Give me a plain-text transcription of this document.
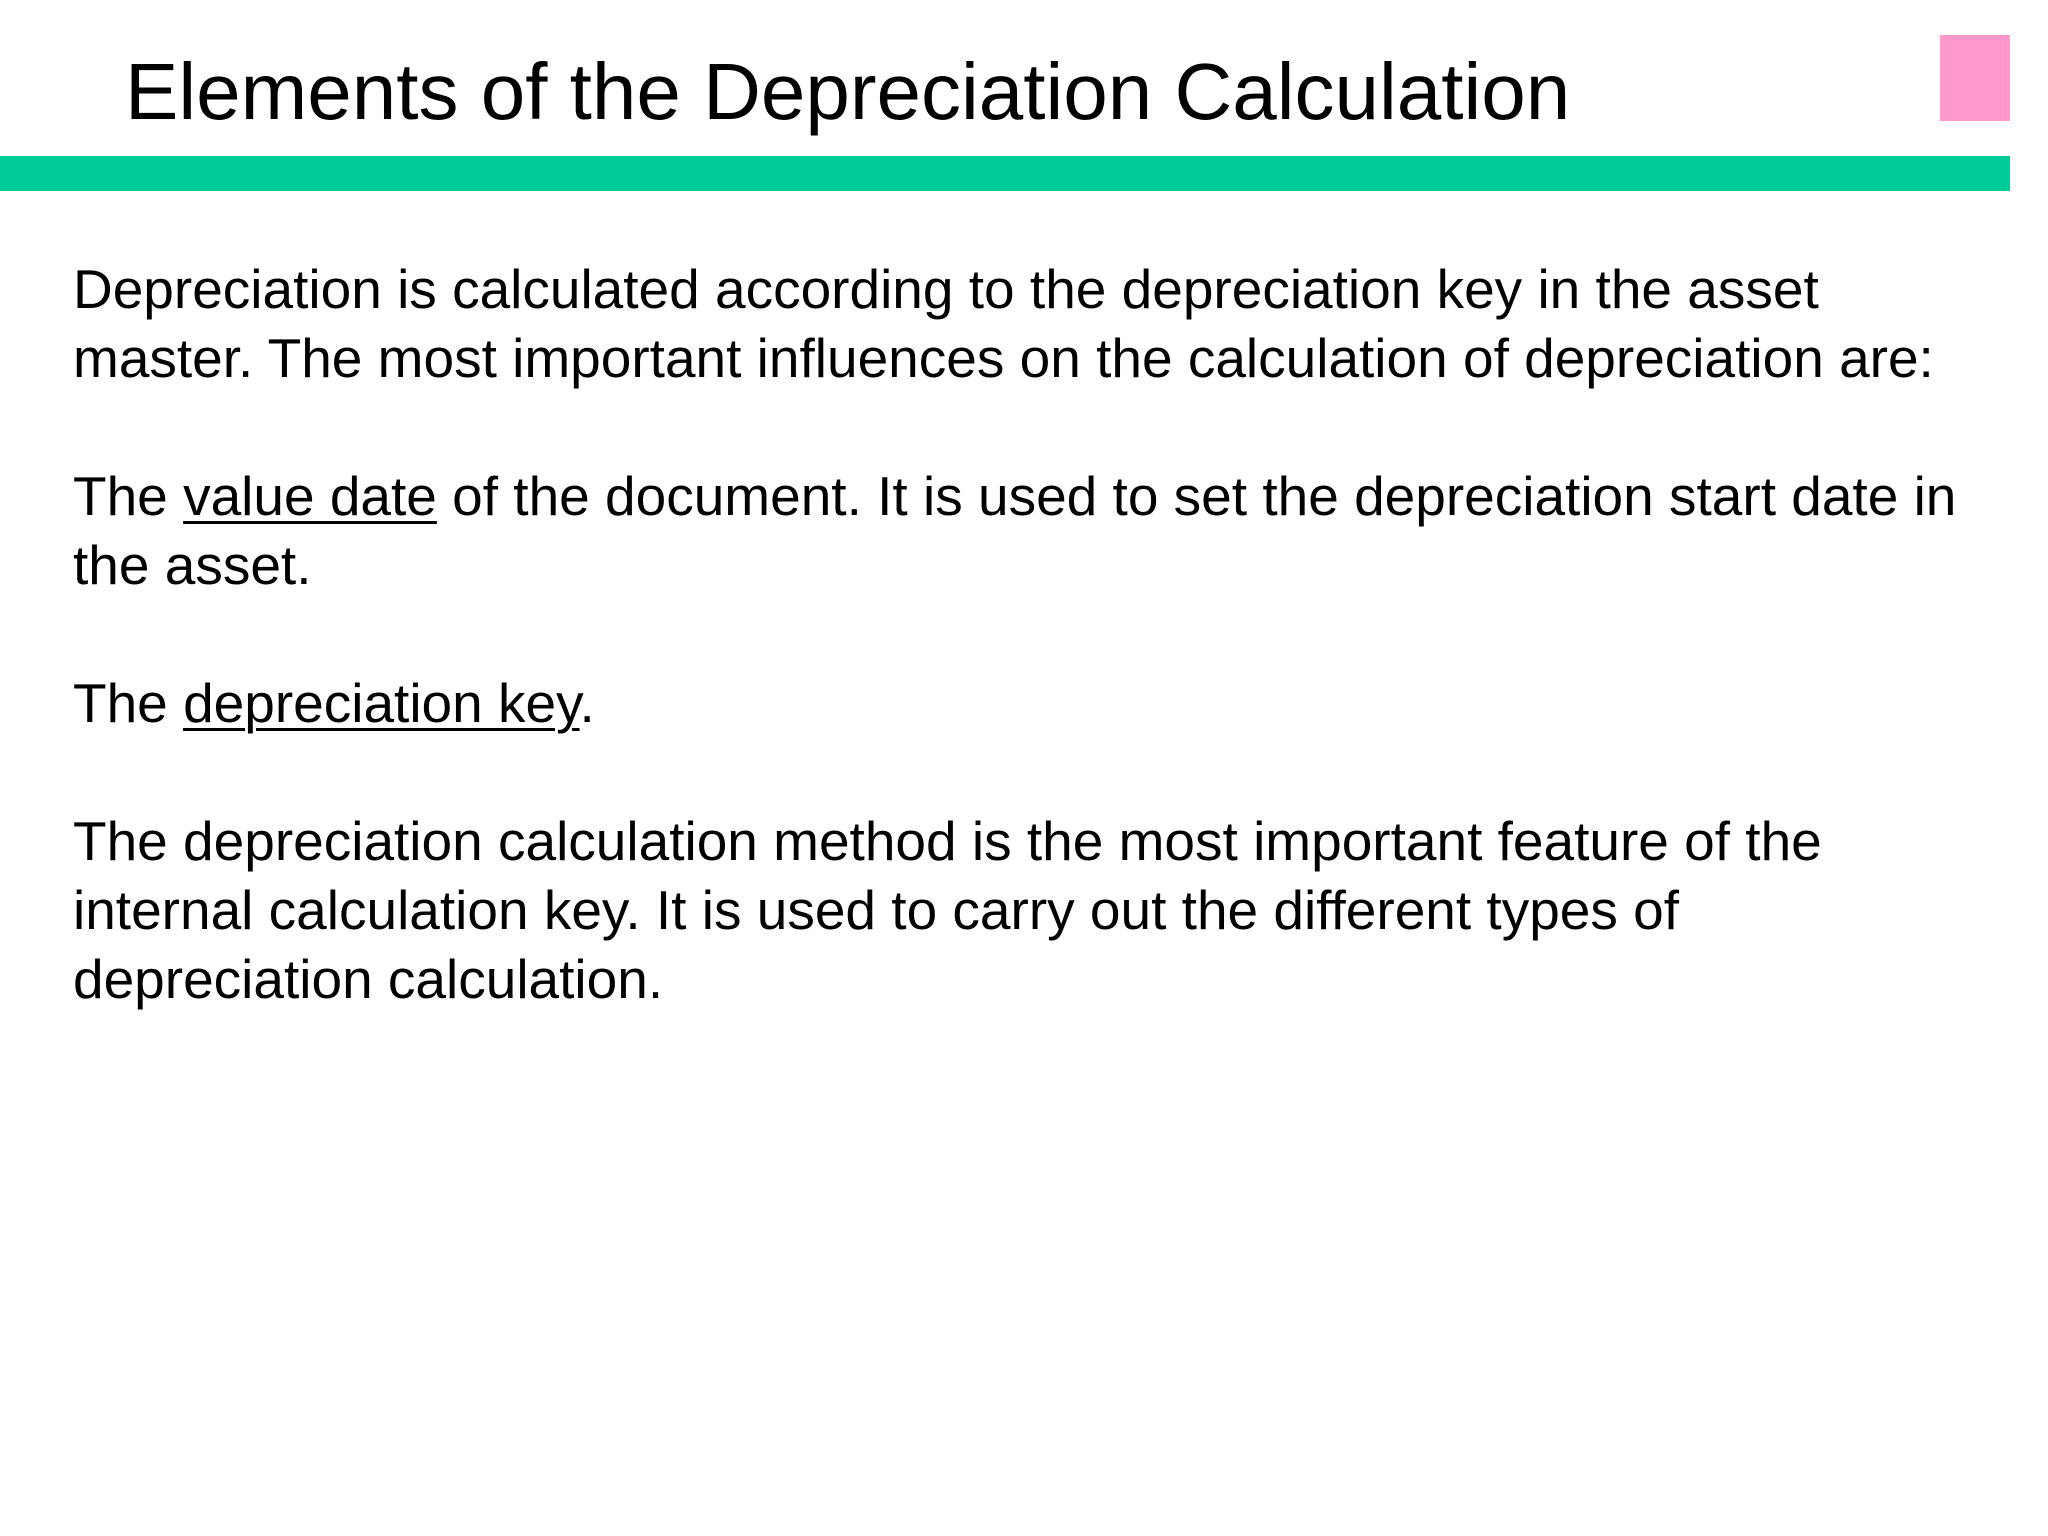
Elements of the Depreciation Calculation

Depreciation is calculated according to the depreciation key in the asset master. The most important influences on the calculation of depreciation are:

The value date of the document. It is used to set the depreciation start date in the asset.

The depreciation key.

The depreciation calculation method is the most important feature of the internal calculation key. It is used to carry out the different types of depreciation calculation.
